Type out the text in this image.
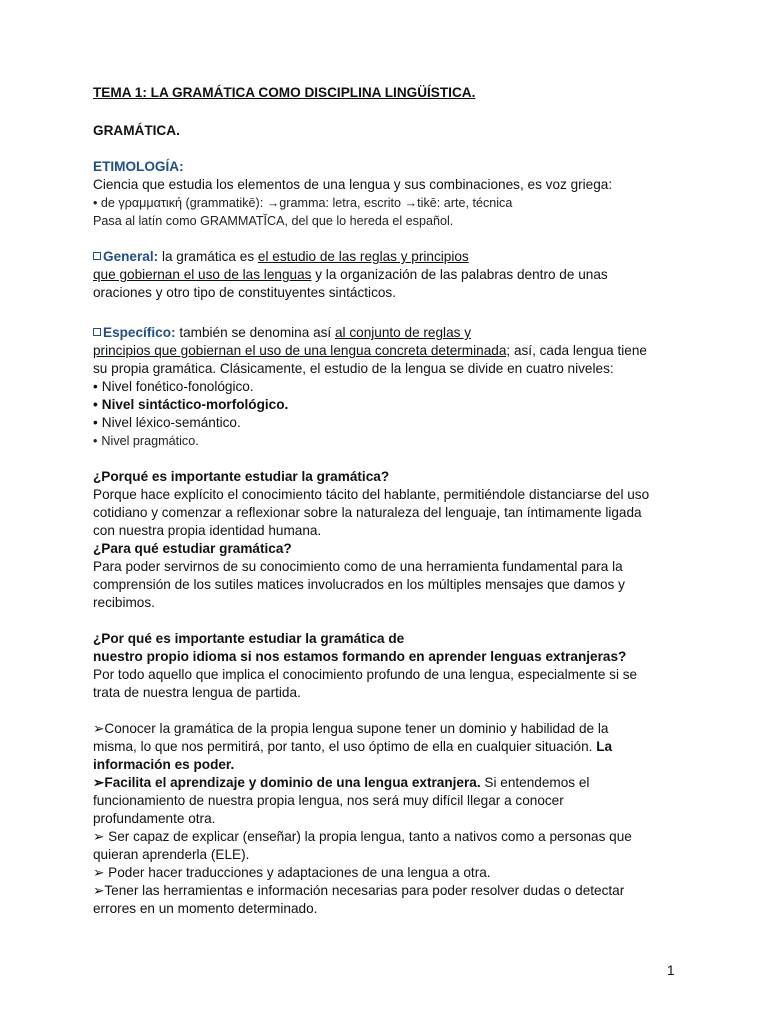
TEMA 1: LA GRAMÁTICA COMO DISCIPLINA LINGÜÍSTICA.

GRAMÁTICA.

ETIMOLOGÍA:

Ciencia que estudia los elementos de una lengua y sus combinaciones, es voz griega:

• de γραμματική (grammatikē): →gramma: letra, escrito →tikē: arte, técnica

Pasa al latín como GRAMMATĬCA, del que lo hereda el español.

General: la gramática es el estudio de las reglas y principios

que gobiernan el uso de las lenguas y la organización de las palabras dentro de unas

oraciones y otro tipo de constituyentes sintácticos.

Específico: también se denomina así al conjunto de reglas y

principios que gobiernan el uso de una lengua concreta determinada; así, cada lengua tiene

su propia gramática. Clásicamente, el estudio de la lengua se divide en cuatro niveles:

• Nivel fonético-fonológico.

• Nivel sintáctico-morfológico.

• Nivel léxico-semántico.

• Nivel pragmático.

¿Porqué es importante estudiar la gramática?

Porque hace explícito el conocimiento tácito del hablante, permitiéndole distanciarse del uso

cotidiano y comenzar a reflexionar sobre la naturaleza del lenguaje, tan íntimamente ligada

con nuestra propia identidad humana.

¿Para qué estudiar gramática?

Para poder servirnos de su conocimiento como de una herramienta fundamental para la

comprensión de los sutiles matices involucrados en los múltiples mensajes que damos y

recibimos.

¿Por qué es importante estudiar la gramática de

nuestro propio idioma si nos estamos formando en aprender lenguas extranjeras?

Por todo aquello que implica el conocimiento profundo de una lengua, especialmente si se

trata de nuestra lengua de partida.

➢Conocer la gramática de la propia lengua supone tener un dominio y habilidad de la

misma, lo que nos permitirá, por tanto, el uso óptimo de ella en cualquier situación. La

información es poder.

➢Facilita el aprendizaje y dominio de una lengua extranjera. Si entendemos el

funcionamiento de nuestra propia lengua, nos será muy difícil llegar a conocer

profundamente otra.

➢ Ser capaz de explicar (enseñar) la propia lengua, tanto a nativos como a personas que

quieran aprenderla (ELE).

➢ Poder hacer traducciones y adaptaciones de una lengua a otra.

➢Tener las herramientas e información necesarias para poder resolver dudas o detectar

errores en un momento determinado.

1
